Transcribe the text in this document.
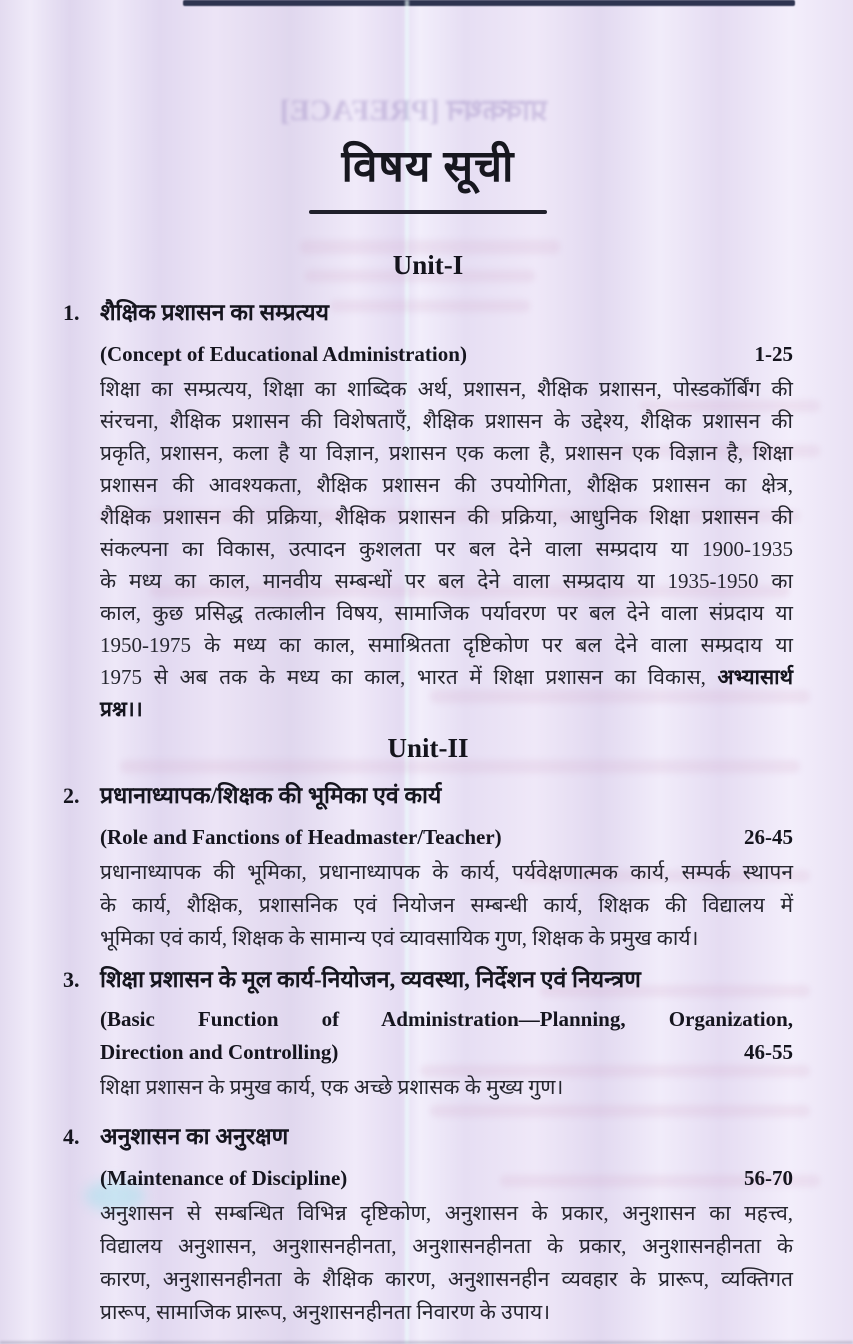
प्राक्कथन [PREFACE]
विषय सूची
Unit-I
1. शैक्षिक प्रशासन का सम्प्रत्यय
(Concept of Educational Administration)	1-25
शिक्षा का सम्प्रत्यय, शिक्षा का शाब्दिक अर्थ, प्रशासन, शैक्षिक प्रशासन, पोस्डकॉर्बिंग की
संरचना, शैक्षिक प्रशासन की विशेषताएँ, शैक्षिक प्रशासन के उद्देश्य, शैक्षिक प्रशासन की
प्रकृति, प्रशासन, कला है या विज्ञान, प्रशासन एक कला है, प्रशासन एक विज्ञान है, शिक्षा
प्रशासन की आवश्यकता, शैक्षिक प्रशासन की उपयोगिता, शैक्षिक प्रशासन का क्षेत्र,
शैक्षिक प्रशासन की प्रक्रिया, शैक्षिक प्रशासन की प्रक्रिया, आधुनिक शिक्षा प्रशासन की
संकल्पना का विकास, उत्पादन कुशलता पर बल देने वाला सम्प्रदाय या 1900-1935
के मध्य का काल, मानवीय सम्बन्धों पर बल देने वाला सम्प्रदाय या 1935-1950 का
काल, कुछ प्रसिद्ध तत्कालीन विषय, सामाजिक पर्यावरण पर बल देने वाला संप्रदाय या
1950-1975 के मध्य का काल, समाश्रितता दृष्टिकोण पर बल देने वाला सम्प्रदाय या
1975 से अब तक के मध्य का काल, भारत में शिक्षा प्रशासन का विकास, अभ्यासार्थ
प्रश्न।।
Unit-II
2. प्रधानाध्यापक/शिक्षक की भूमिका एवं कार्य
(Role and Fanctions of Headmaster/Teacher)	26-45
प्रधानाध्यापक की भूमिका, प्रधानाध्यापक के कार्य, पर्यवेक्षणात्मक कार्य, सम्पर्क स्थापन
के कार्य, शैक्षिक, प्रशासनिक एवं नियोजन सम्बन्धी कार्य, शिक्षक की विद्यालय में
भूमिका एवं कार्य, शिक्षक के सामान्य एवं व्यावसायिक गुण, शिक्षक के प्रमुख कार्य।
3. शिक्षा प्रशासन के मूल कार्य-नियोजन, व्यवस्था, निर्देशन एवं नियन्त्रण
(Basic Function of Administration—Planning, Organization,
Direction and Controlling)	46-55
शिक्षा प्रशासन के प्रमुख कार्य, एक अच्छे प्रशासक के मुख्य गुण।
4. अनुशासन का अनुरक्षण
(Maintenance of Discipline)	56-70
अनुशासन से सम्बन्धित विभिन्न दृष्टिकोण, अनुशासन के प्रकार, अनुशासन का महत्त्व,
विद्यालय अनुशासन, अनुशासनहीनता, अनुशासनहीनता के प्रकार, अनुशासनहीनता के
कारण, अनुशासनहीनता के शैक्षिक कारण, अनुशासनहीन व्यवहार के प्रारूप, व्यक्तिगत
प्रारूप, सामाजिक प्रारूप, अनुशासनहीनता निवारण के उपाय।
